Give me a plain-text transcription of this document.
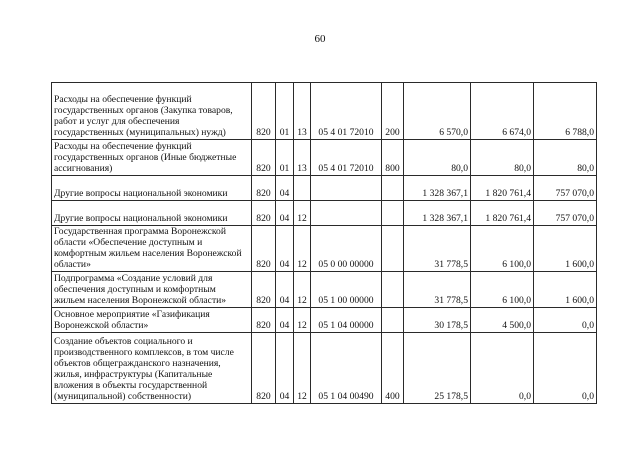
60
Расходы на обеспечение функций государственных органов (Закупка товаров, работ и услуг для обеспечения государственных (муниципальных) нужд)	820	01	13	05 4 01 72010	200	6 570,0	6 674,0	6 788,0
Расходы на обеспечение функций государственных органов (Иные бюджетные ассигнования)	820	01	13	05 4 01 72010	800	80,0	80,0	80,0
Другие вопросы национальной экономики	820	04				1 328 367,1	1 820 761,4	757 070,0
Другие вопросы национальной экономики	820	04	12			1 328 367,1	1 820 761,4	757 070,0
Государственная программа Воронежской области «Обеспечение доступным и комфортным жильем населения Воронежской области»	820	04	12	05 0 00 00000		31 778,5	6 100,0	1 600,0
Подпрограмма «Создание условий для обеспечения доступным и комфортным жильем населения Воронежской области»	820	04	12	05 1 00 00000		31 778,5	6 100,0	1 600,0
Основное мероприятие «Газификация Воронежской области»	820	04	12	05 1 04 00000		30 178,5	4 500,0	0,0
Создание объектов социального и производственного комплексов, в том числе объектов общегражданского назначения, жилья, инфраструктуры (Капитальные вложения в объекты государственной (муниципальной) собственности)	820	04	12	05 1 04 00490	400	25 178,5	0,0	0,0
